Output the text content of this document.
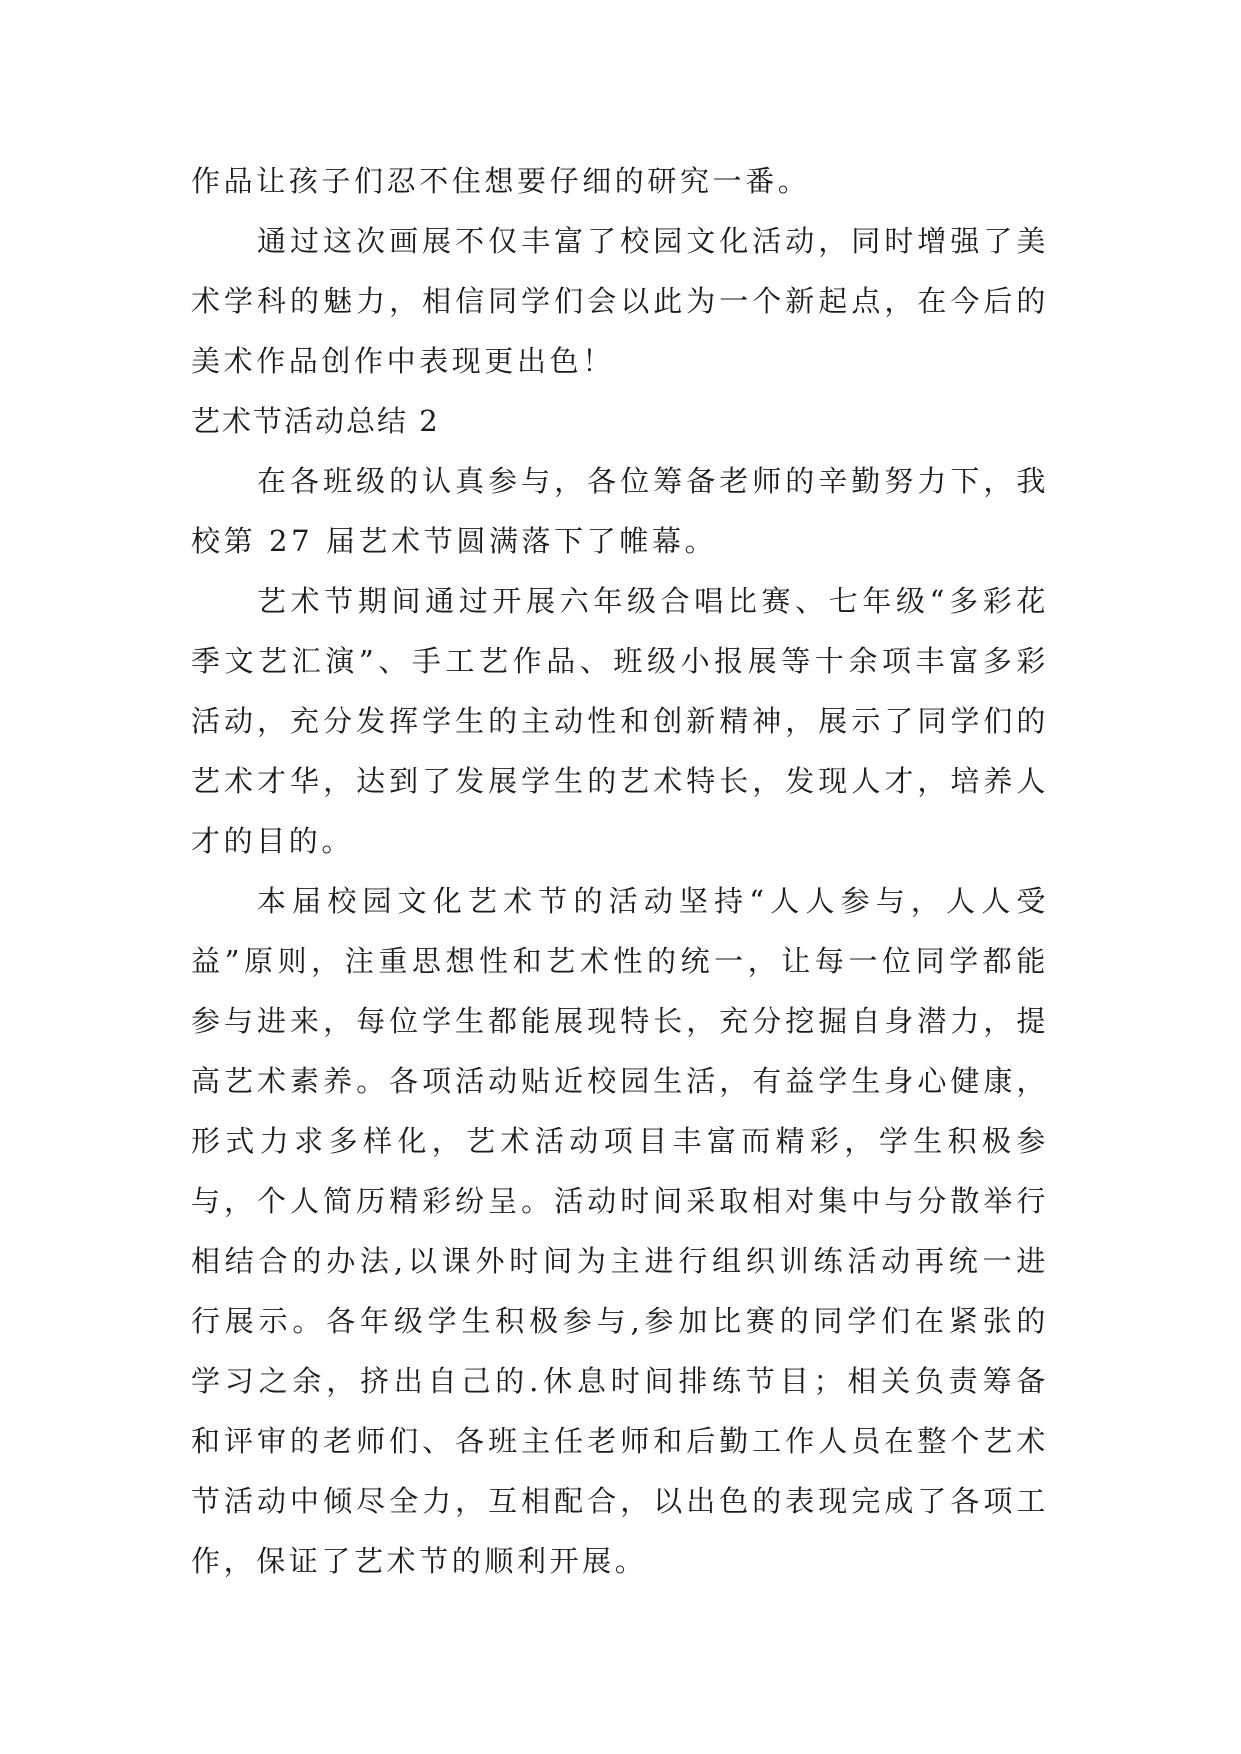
作品让孩子们忍不住想要仔细的研究一番。

通过这次画展不仅丰富了校园文化活动，同时增强了美术学科的魅力，相信同学们会以此为一个新起点，在今后的美术作品创作中表现更出色！

艺术节活动总结 2

在各班级的认真参与，各位筹备老师的辛勤努力下，我校第 27 届艺术节圆满落下了帷幕。

艺术节期间通过开展六年级合唱比赛、七年级“多彩花季文艺汇演”、手工艺作品、班级小报展等十余项丰富多彩活动，充分发挥学生的主动性和创新精神，展示了同学们的艺术才华，达到了发展学生的艺术特长，发现人才，培养人才的目的。

本届校园文化艺术节的活动坚持“人人参与，人人受益”原则，注重思想性和艺术性的统一，让每一位同学都能参与进来，每位学生都能展现特长，充分挖掘自身潜力，提高艺术素养。各项活动贴近校园生活，有益学生身心健康，形式力求多样化，艺术活动项目丰富而精彩，学生积极参与，个人简历精彩纷呈。活动时间采取相对集中与分散举行相结合的办法,以课外时间为主进行组织训练活动再统一进行展示。各年级学生积极参与,参加比赛的同学们在紧张的学习之余，挤出自己的.休息时间排练节目；相关负责筹备和评审的老师们、各班主任老师和后勤工作人员在整个艺术节活动中倾尽全力，互相配合，以出色的表现完成了各项工作，保证了艺术节的顺利开展。
